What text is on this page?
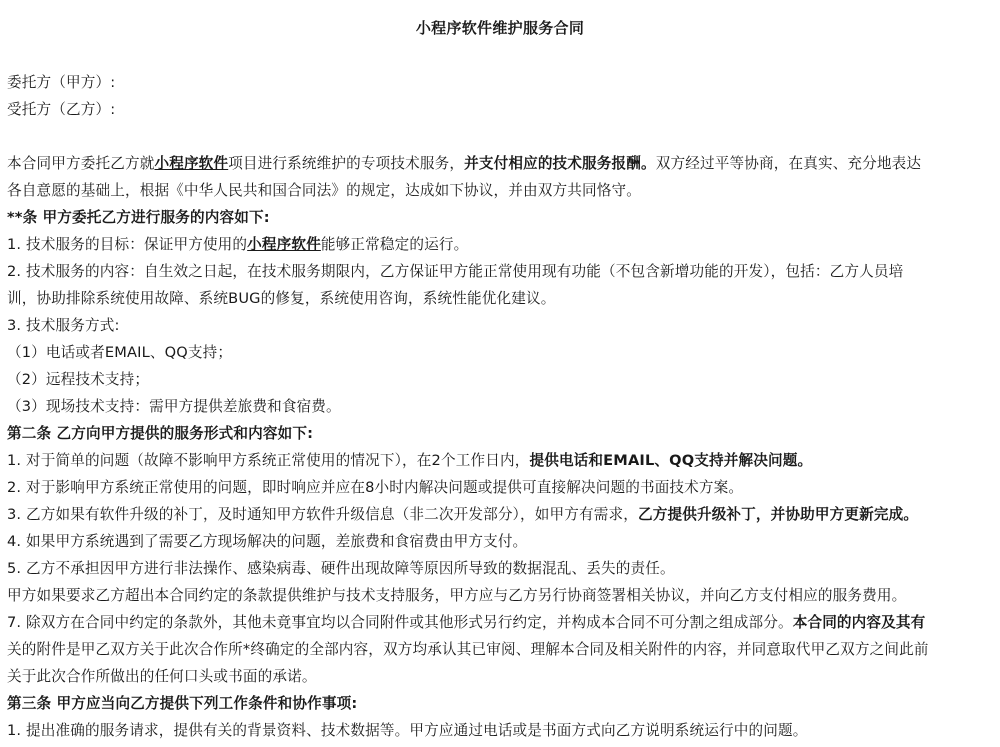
小程序软件维护服务合同
委托方（甲方）:
受托方（乙方）:
本合同甲方委托乙方就小程序软件项目进行系统维护的专项技术服务，并支付相应的技术服务报酬。双方经过平等协商，在真实、充分地表达
各自意愿的基础上，根据《中华人民共和国合同法》的规定，达成如下协议，并由双方共同恪守。
**条 甲方委托乙方进行服务的内容如下:
1. 技术服务的目标：保证甲方使用的小程序软件能够正常稳定的运行。
2. 技术服务的内容：自生效之日起，在技术服务期限内，乙方保证甲方能正常使用现有功能（不包含新增功能的开发），包括：乙方人员培
训，协助排除系统使用故障、系统BUG的修复，系统使用咨询，系统性能优化建议。
3. 技术服务方式:
（1）电话或者EMAIL、QQ支持；
（2）远程技术支持；
（3）现场技术支持：需甲方提供差旅费和食宿费。
第二条 乙方向甲方提供的服务形式和内容如下:
1. 对于简单的问题（故障不影响甲方系统正常使用的情况下），在2个工作日内，提供电话和EMAIL、QQ支持并解决问题。
2. 对于影响甲方系统正常使用的问题，即时响应并应在8小时内解决问题或提供可直接解决问题的书面技术方案。
3. 乙方如果有软件升级的补丁，及时通知甲方软件升级信息（非二次开发部分），如甲方有需求，乙方提供升级补丁，并协助甲方更新完成。
4. 如果甲方系统遇到了需要乙方现场解决的问题，差旅费和食宿费由甲方支付。
5. 乙方不承担因甲方进行非法操作、感染病毒、硬件出现故障等原因所导致的数据混乱、丢失的责任。
甲方如果要求乙方超出本合同约定的条款提供维护与技术支持服务，甲方应与乙方另行协商签署相关协议，并向乙方支付相应的服务费用。
7. 除双方在合同中约定的条款外，其他未竟事宜均以合同附件或其他形式另行约定，并构成本合同不可分割之组成部分。本合同的内容及其有
关的附件是甲乙双方关于此次合作所*终确定的全部内容，双方均承认其已审阅、理解本合同及相关附件的内容，并同意取代甲乙双方之间此前
关于此次合作所做出的任何口头或书面的承诺。
第三条 甲方应当向乙方提供下列工作条件和协作事项:
1. 提出准确的服务请求，提供有关的背景资料、技术数据等。甲方应通过电话或是书面方式向乙方说明系统运行中的问题。
